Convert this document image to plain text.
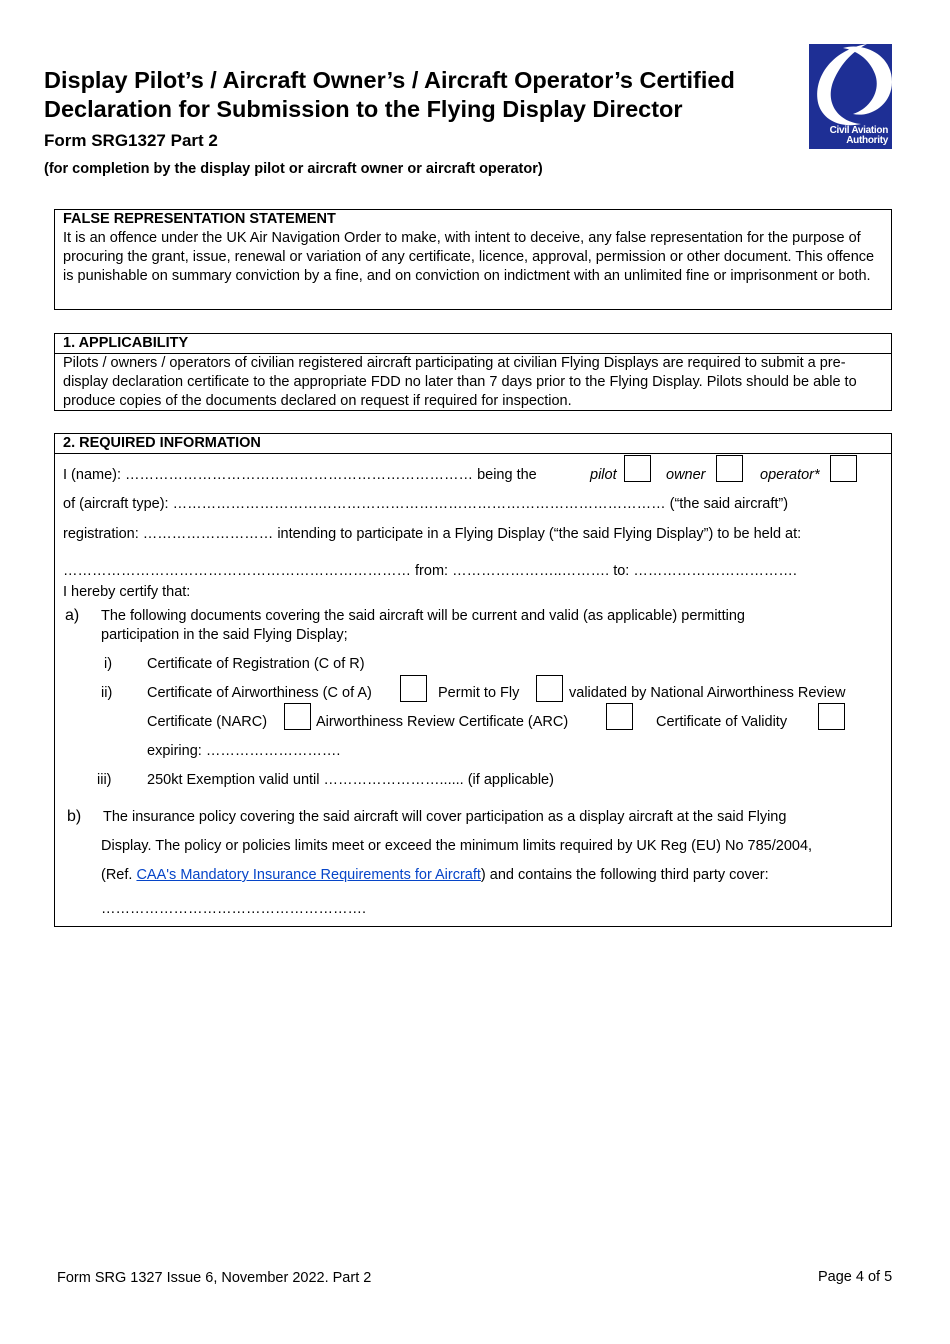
Display Pilot’s / Aircraft Owner’s / Aircraft Operator’s Certified
Declaration for Submission to the Flying Display Director
Form SRG1327 Part 2
(for completion by the display pilot or aircraft owner or aircraft operator)
Civil Aviation
Authority
FALSE REPRESENTATION STATEMENT
It is an offence under the UK Air Navigation Order to make, with intent to deceive, any false representation for the purpose of procuring the grant, issue, renewal or variation of any certificate, licence, approval, permission or other document. This offence is punishable on summary conviction by a fine, and on conviction on indictment with an unlimited fine or imprisonment or both.
1. APPLICABILITY
Pilots / owners / operators of civilian registered aircraft participating at civilian Flying Displays are required to submit a pre-display declaration certificate to the appropriate FDD no later than 7 days prior to the Flying Display. Pilots should be able to produce copies of the documents declared on request if required for inspection.
2. REQUIRED INFORMATION
I (name): ……………………………………………………………… being the	pilot	owner	operator*
of (aircraft type): ………………………………………………………………………………………… (“the said aircraft”)
registration: ……………………… intending to participate in a Flying Display (“the said Flying Display”) to be held at:
……………………………………………………………… from: …………………..………. to: …………………………….
I hereby certify that:
a) The following documents covering the said aircraft will be current and valid (as applicable) permitting
participation in the said Flying Display;
i) Certificate of Registration (C of R)
ii) Certificate of Airworthiness (C of A)	Permit to Fly	validated by National Airworthiness Review
Certificate (NARC)	Airworthiness Review Certificate (ARC)	Certificate of Validity
expiring: ……………………….
iii) 250kt Exemption valid until ……………………...... (if applicable)
b) The insurance policy covering the said aircraft will cover participation as a display aircraft at the said Flying
Display. The policy or policies limits meet or exceed the minimum limits required by UK Reg (EU) No 785/2004,
(Ref. CAA's Mandatory Insurance Requirements for Aircraft) and contains the following third party cover:
……………………………………………….
Form SRG 1327 Issue 6, November 2022. Part 2	Page 4 of 5
